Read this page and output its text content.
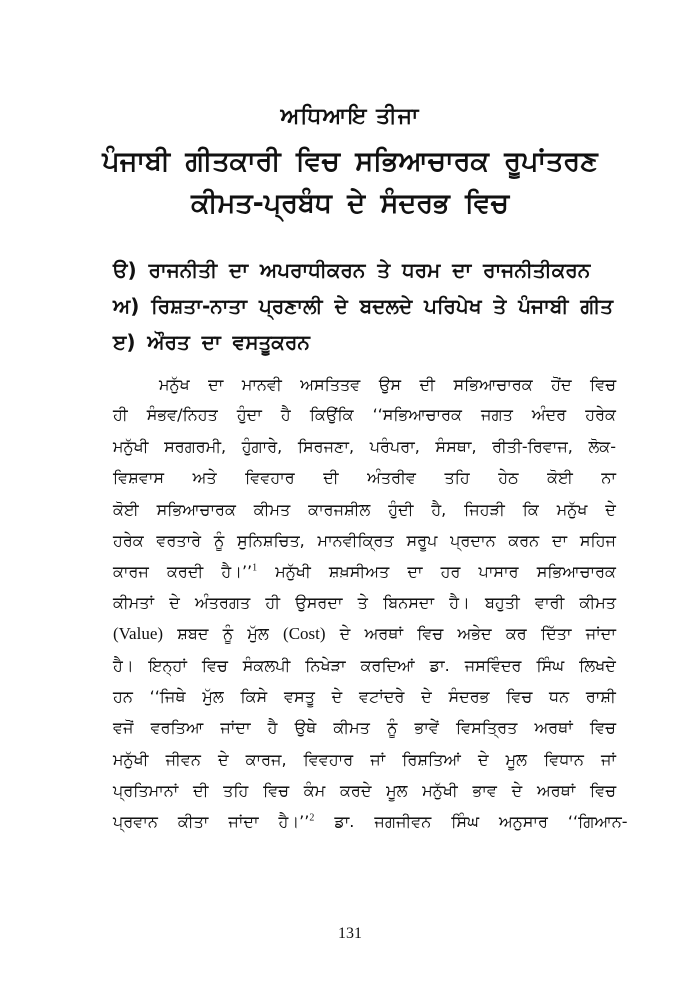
ਅਧਿਆਇ ਤੀਜਾ
ਪੰਜਾਬੀ ਗੀਤਕਾਰੀ ਵਿਚ ਸਭਿਆਚਾਰਕ ਰੂਪਾਂਤਰਣ
ਕੀਮਤ-ਪ੍ਰਬੰਧ ਦੇ ਸੰਦਰਭ ਵਿਚ
ੳ) ਰਾਜਨੀਤੀ ਦਾ ਅਪਰਾਧੀਕਰਨ ਤੇ ਧਰਮ ਦਾ ਰਾਜਨੀਤੀਕਰਨ
ਅ) ਰਿਸ਼ਤਾ-ਨਾਤਾ ਪ੍ਰਣਾਲੀ ਦੇ ਬਦਲਦੇ ਪਰਿਪੇਖ ਤੇ ਪੰਜਾਬੀ ਗੀਤ
ੲ) ਔਰਤ ਦਾ ਵਸਤੂਕਰਨ
ਮਨੁੱਖ ਦਾ ਮਾਨਵੀ ਅਸਤਿਤਵ ਉਸ ਦੀ ਸਭਿਆਚਾਰਕ ਹੋਂਦ ਵਿਚ
ਹੀ ਸੰਭਵ/ਨਿਹਤ ਹੁੰਦਾ ਹੈ ਕਿਉਂਕਿ ‘‘ਸਭਿਆਚਾਰਕ ਜਗਤ ਅੰਦਰ ਹਰੇਕ
ਮਨੁੱਖੀ ਸਰਗਰਮੀ, ਹੁੰਗਾਰੇ, ਸਿਰਜਣਾ, ਪਰੰਪਰਾ, ਸੰਸਥਾ, ਰੀਤੀ-ਰਿਵਾਜ, ਲੋਕ-
ਵਿਸ਼ਵਾਸ ਅਤੇ ਵਿਵਹਾਰ ਦੀ ਅੰਤਰੀਵ ਤਹਿ ਹੇਠ ਕੋਈ ਨਾ
ਕੋਈ ਸਭਿਆਚਾਰਕ ਕੀਮਤ ਕਾਰਜਸ਼ੀਲ ਹੁੰਦੀ ਹੈ, ਜਿਹੜੀ ਕਿ ਮਨੁੱਖ ਦੇ
ਹਰੇਕ ਵਰਤਾਰੇ ਨੂੰ ਸੁਨਿਸ਼ਚਿਤ, ਮਾਨਵੀਕ੍ਰਿਤ ਸਰੂਪ ਪ੍ਰਦਾਨ ਕਰਨ ਦਾ ਸਹਿਜ
ਕਾਰਜ ਕਰਦੀ ਹੈ।’’$^1$ ਮਨੁੱਖੀ ਸ਼ਖ਼ਸੀਅਤ ਦਾ ਹਰ ਪਾਸਾਰ ਸਭਿਆਚਾਰਕ
ਕੀਮਤਾਂ ਦੇ ਅੰਤਰਗਤ ਹੀ ਉਸਰਦਾ ਤੇ ਬਿਨਸਦਾ ਹੈ। ਬਹੁਤੀ ਵਾਰੀ ਕੀਮਤ
(Value) ਸ਼ਬਦ ਨੂੰ ਮੁੱਲ (Cost) ਦੇ ਅਰਥਾਂ ਵਿਚ ਅਭੇਦ ਕਰ ਦਿੱਤਾ ਜਾਂਦਾ
ਹੈ। ਇਨ੍ਹਾਂ ਵਿਚ ਸੰਕਲਪੀ ਨਿਖੇੜਾ ਕਰਦਿਆਂ ਡਾ. ਜਸਵਿੰਦਰ ਸਿੰਘ ਲਿਖਦੇ
ਹਨ ‘‘ਜਿਥੇ ਮੁੱਲ ਕਿਸੇ ਵਸਤੂ ਦੇ ਵਟਾਂਦਰੇ ਦੇ ਸੰਦਰਭ ਵਿਚ ਧਨ ਰਾਸ਼ੀ
ਵਜੋਂ ਵਰਤਿਆ ਜਾਂਦਾ ਹੈ ਉਥੇ ਕੀਮਤ ਨੂੰ ਭਾਵੇਂ ਵਿਸਤ੍ਰਿਤ ਅਰਥਾਂ ਵਿਚ
ਮਨੁੱਖੀ ਜੀਵਨ ਦੇ ਕਾਰਜ, ਵਿਵਹਾਰ ਜਾਂ ਰਿਸ਼ਤਿਆਂ ਦੇ ਮੂਲ ਵਿਧਾਨ ਜਾਂ
ਪ੍ਰਤਿਮਾਨਾਂ ਦੀ ਤਹਿ ਵਿਚ ਕੰਮ ਕਰਦੇ ਮੂਲ ਮਨੁੱਖੀ ਭਾਵ ਦੇ ਅਰਥਾਂ ਵਿਚ
ਪ੍ਰਵਾਨ ਕੀਤਾ ਜਾਂਦਾ ਹੈ।’’$^2$ ਡਾ. ਜਗਜੀਵਨ ਸਿੰਘ ਅਨੁਸਾਰ ‘‘ਗਿਆਨ-
131
